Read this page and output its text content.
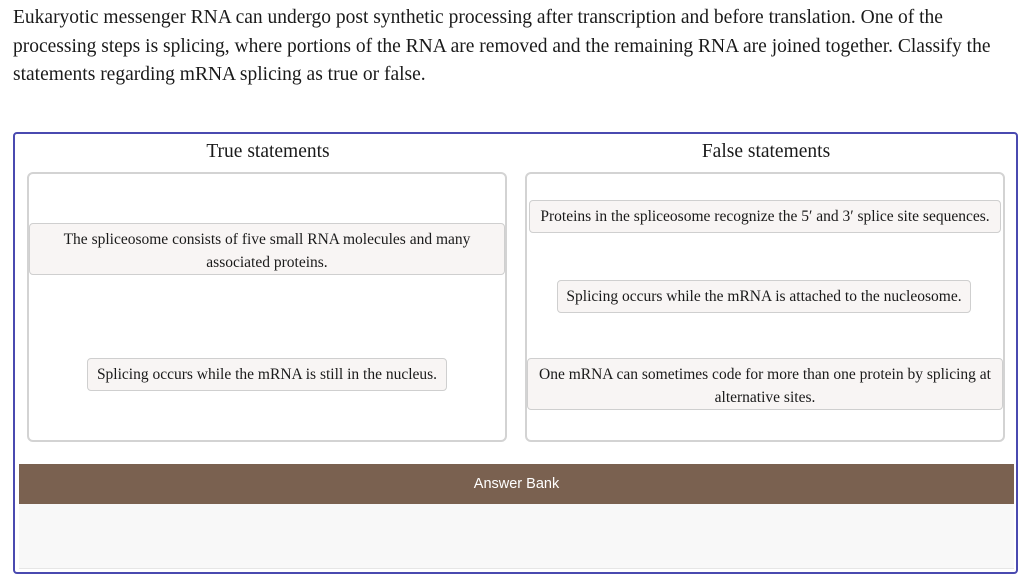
Eukaryotic messenger RNA can undergo post synthetic processing after transcription and before translation. One of the processing steps is splicing, where portions of the RNA are removed and the remaining RNA are joined together. Classify the statements regarding mRNA splicing as true or false.

True statements	False statements
The spliceosome consists of five small RNA molecules and many associated proteins.
Splicing occurs while the mRNA is still in the nucleus.
Proteins in the spliceosome recognize the 5′ and 3′ splice site sequences.
Splicing occurs while the mRNA is attached to the nucleosome.
One mRNA can sometimes code for more than one protein by splicing at alternative sites.
Answer Bank
